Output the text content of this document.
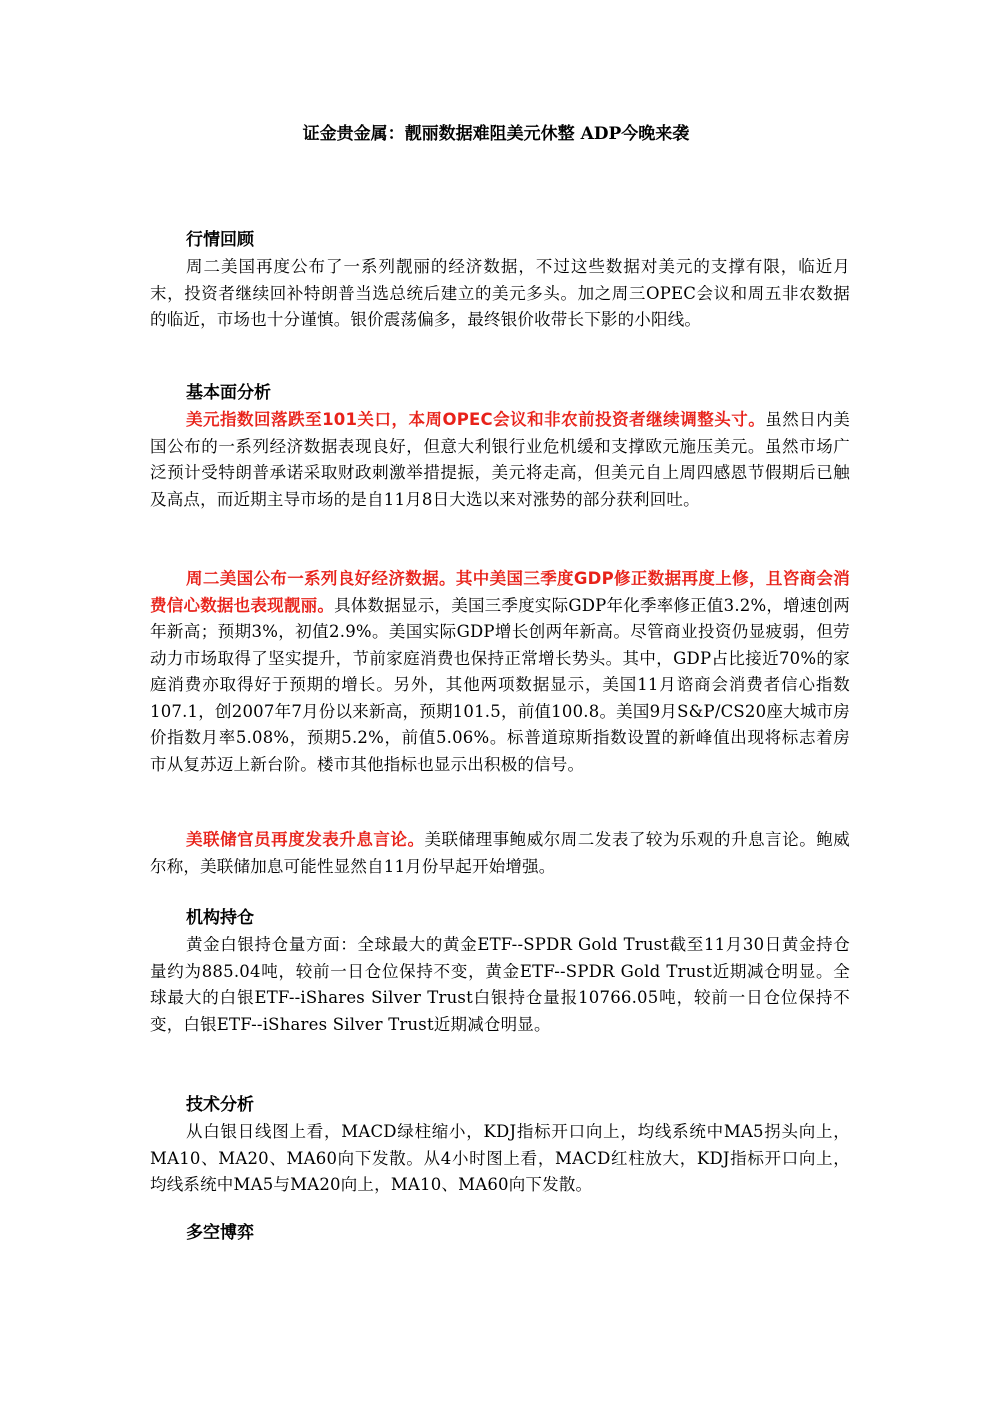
证金贵金属：靓丽数据难阻美元休整 ADP今晚来袭
行情回顾

周二美国再度公布了一系列靓丽的经济数据，不过这些数据对美元的支撑有限，临近月末，投资者继续回补特朗普当选总统后建立的美元多头。加之周三OPEC会议和周五非农数据的临近，市场也十分谨慎。银价震荡偏多，最终银价收带长下影的小阳线。

基本面分析

美元指数回落跌至101关口，本周OPEC会议和非农前投资者继续调整头寸。虽然日内美国公布的一系列经济数据表现良好，但意大利银行业危机缓和支撑欧元施压美元。虽然市场广泛预计受特朗普承诺采取财政刺激举措提振，美元将走高，但美元自上周四感恩节假期后已触及高点，而近期主导市场的是自11月8日大选以来对涨势的部分获利回吐。

周二美国公布一系列良好经济数据。其中美国三季度GDP修正数据再度上修，且咨商会消费信心数据也表现靓丽。具体数据显示，美国三季度实际GDP年化季率修正值3.2%，增速创两年新高；预期3%，初值2.9%。美国实际GDP增长创两年新高。尽管商业投资仍显疲弱，但劳动力市场取得了坚实提升，节前家庭消费也保持正常增长势头。其中，GDP占比接近70%的家庭消费亦取得好于预期的增长。另外，其他两项数据显示，美国11月谘商会消费者信心指数107.1，创2007年7月份以来新高，预期101.5，前值100.8。美国9月S&P/CS20座大城市房价指数月率5.08%，预期5.2%，前值5.06%。标普道琼斯指数设置的新峰值出现将标志着房市从复苏迈上新台阶。楼市其他指标也显示出积极的信号。

美联储官员再度发表升息言论。美联储理事鲍威尔周二发表了较为乐观的升息言论。鲍威尔称，美联储加息可能性显然自11月份早起开始增强。

机构持仓

黄金白银持仓量方面：全球最大的黄金ETF--SPDR Gold Trust截至11月30日黄金持仓量约为885.04吨，较前一日仓位保持不变，黄金ETF--SPDR Gold Trust近期减仓明显。全球最大的白银ETF--iShares Silver Trust白银持仓量报10766.05吨，较前一日仓位保持不变，白银ETF--iShares Silver Trust近期减仓明显。

技术分析

从白银日线图上看，MACD绿柱缩小，KDJ指标开口向上，均线系统中MA5拐头向上，MA10、MA20、MA60向下发散。从4小时图上看，MACD红柱放大，KDJ指标开口向上，均线系统中MA5与MA20向上，MA10、MA60向下发散。

多空博弈
